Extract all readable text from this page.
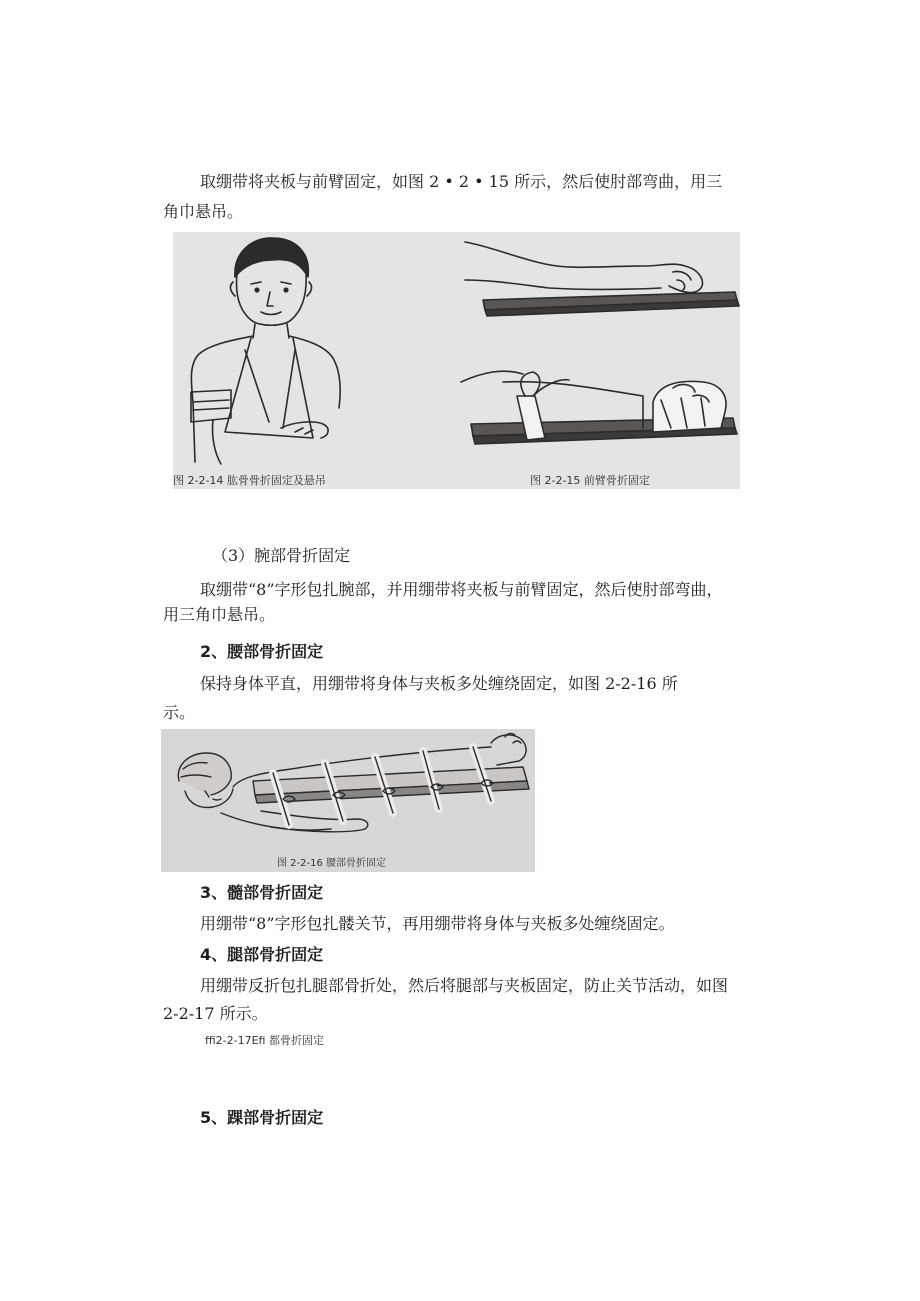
取绷带将夹板与前臂固定，如图 2 • 2 • 15 所示，然后使肘部弯曲，用三
角巾悬吊。
图 2-2-14 肱骨骨折固定及悬吊	图 2-2-15 前臂骨折固定
（3）腕部骨折固定
取绷带“8”字形包扎腕部，并用绷带将夹板与前臂固定，然后使肘部弯曲，
用三角巾悬吊。
2、腰部骨折固定
保持身体平直，用绷带将身体与夹板多处缠绕固定，如图 2-2-16 所
示。
图 2-2-16 腰部骨折固定
3、髓部骨折固定
用绷带“8”字形包扎髅关节，再用绷带将身体与夹板多处缠绕固定。
4、腿部骨折固定
用绷带反折包扎腿部骨折处，然后将腿部与夹板固定，防止关节活动，如图
2-2-17 所示。
ffi2-2-17Efi 都骨折固定
5、踝部骨折固定
